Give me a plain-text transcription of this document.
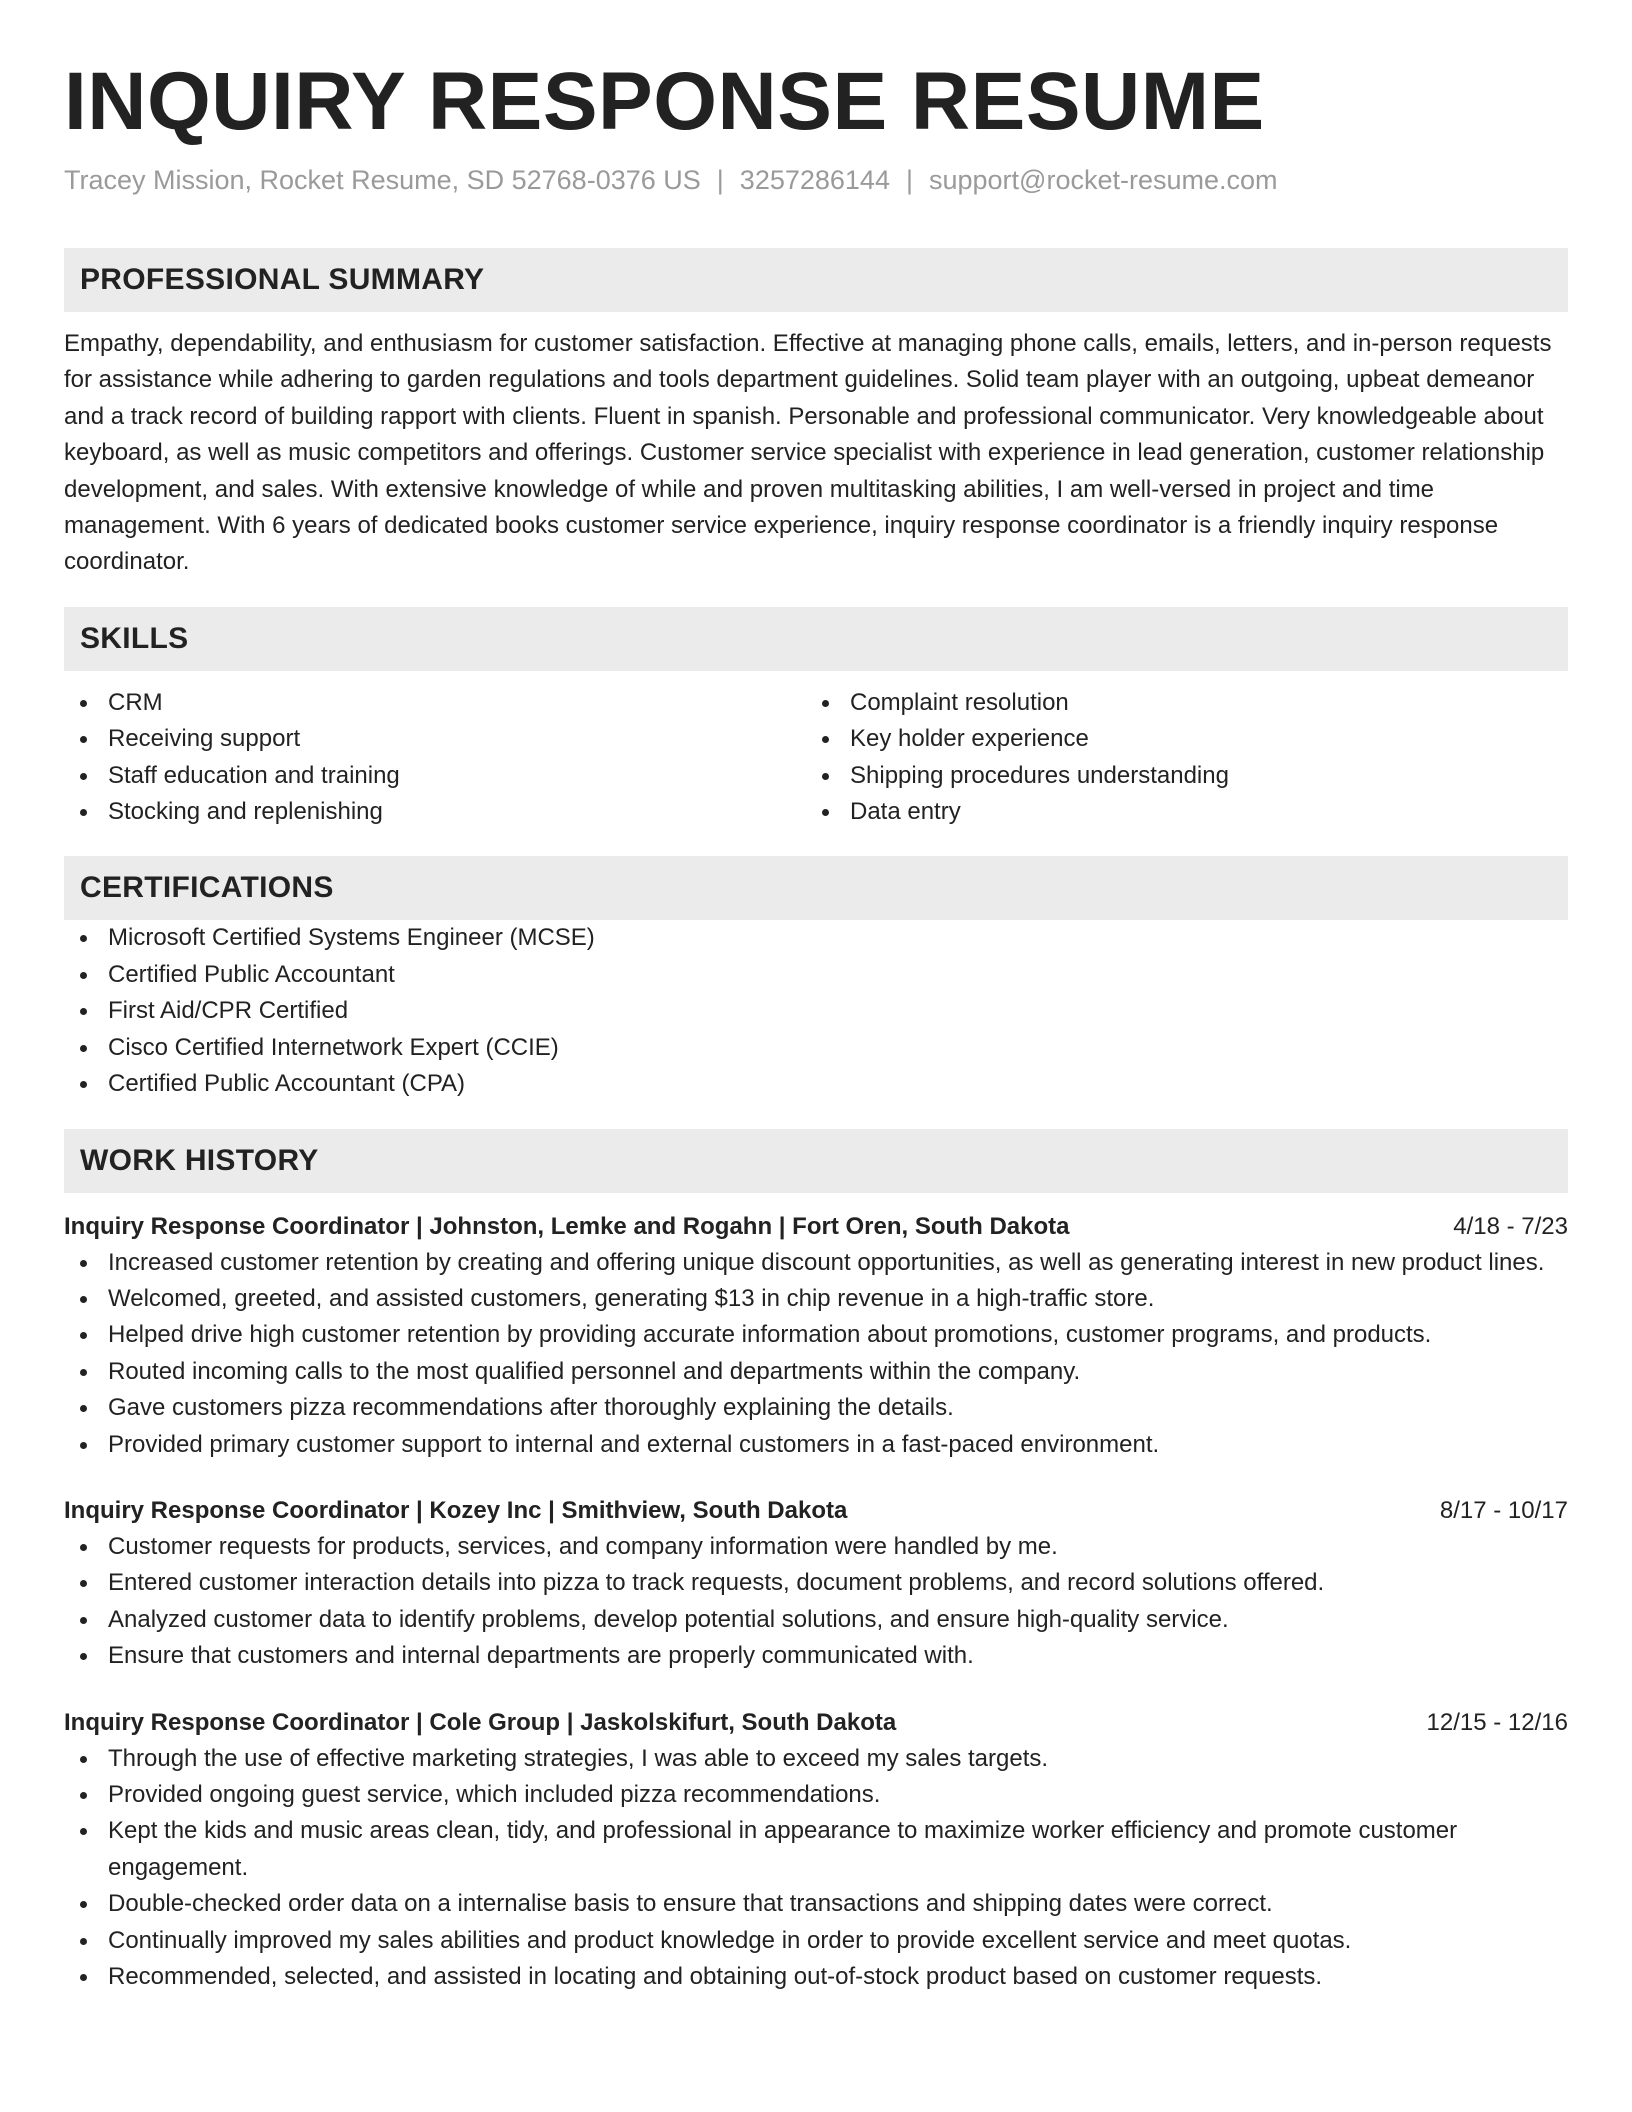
INQUIRY RESPONSE RESUME
Tracey Mission, Rocket Resume, SD 52768-0376 US | 3257286144 | support@rocket-resume.com
PROFESSIONAL SUMMARY
Empathy, dependability, and enthusiasm for customer satisfaction. Effective at managing phone calls, emails, letters, and in-person requests for assistance while adhering to garden regulations and tools department guidelines. Solid team player with an outgoing, upbeat demeanor and a track record of building rapport with clients. Fluent in spanish. Personable and professional communicator. Very knowledgeable about keyboard, as well as music competitors and offerings. Customer service specialist with experience in lead generation, customer relationship development, and sales. With extensive knowledge of while and proven multitasking abilities, I am well-versed in project and time management. With 6 years of dedicated books customer service experience, inquiry response coordinator is a friendly inquiry response coordinator.
SKILLS
CRM
Receiving support
Staff education and training
Stocking and replenishing
Complaint resolution
Key holder experience
Shipping procedures understanding
Data entry
CERTIFICATIONS
Microsoft Certified Systems Engineer (MCSE)
Certified Public Accountant
First Aid/CPR Certified
Cisco Certified Internetwork Expert (CCIE)
Certified Public Accountant (CPA)
WORK HISTORY
Inquiry Response Coordinator | Johnston, Lemke and Rogahn | Fort Oren, South Dakota	4/18 - 7/23
Increased customer retention by creating and offering unique discount opportunities, as well as generating interest in new product lines.
Welcomed, greeted, and assisted customers, generating $13 in chip revenue in a high-traffic store.
Helped drive high customer retention by providing accurate information about promotions, customer programs, and products.
Routed incoming calls to the most qualified personnel and departments within the company.
Gave customers pizza recommendations after thoroughly explaining the details.
Provided primary customer support to internal and external customers in a fast-paced environment.
Inquiry Response Coordinator | Kozey Inc | Smithview, South Dakota	8/17 - 10/17
Customer requests for products, services, and company information were handled by me.
Entered customer interaction details into pizza to track requests, document problems, and record solutions offered.
Analyzed customer data to identify problems, develop potential solutions, and ensure high-quality service.
Ensure that customers and internal departments are properly communicated with.
Inquiry Response Coordinator | Cole Group | Jaskolskifurt, South Dakota	12/15 - 12/16
Through the use of effective marketing strategies, I was able to exceed my sales targets.
Provided ongoing guest service, which included pizza recommendations.
Kept the kids and music areas clean, tidy, and professional in appearance to maximize worker efficiency and promote customer engagement.
Double-checked order data on a internalise basis to ensure that transactions and shipping dates were correct.
Continually improved my sales abilities and product knowledge in order to provide excellent service and meet quotas.
Recommended, selected, and assisted in locating and obtaining out-of-stock product based on customer requests.
